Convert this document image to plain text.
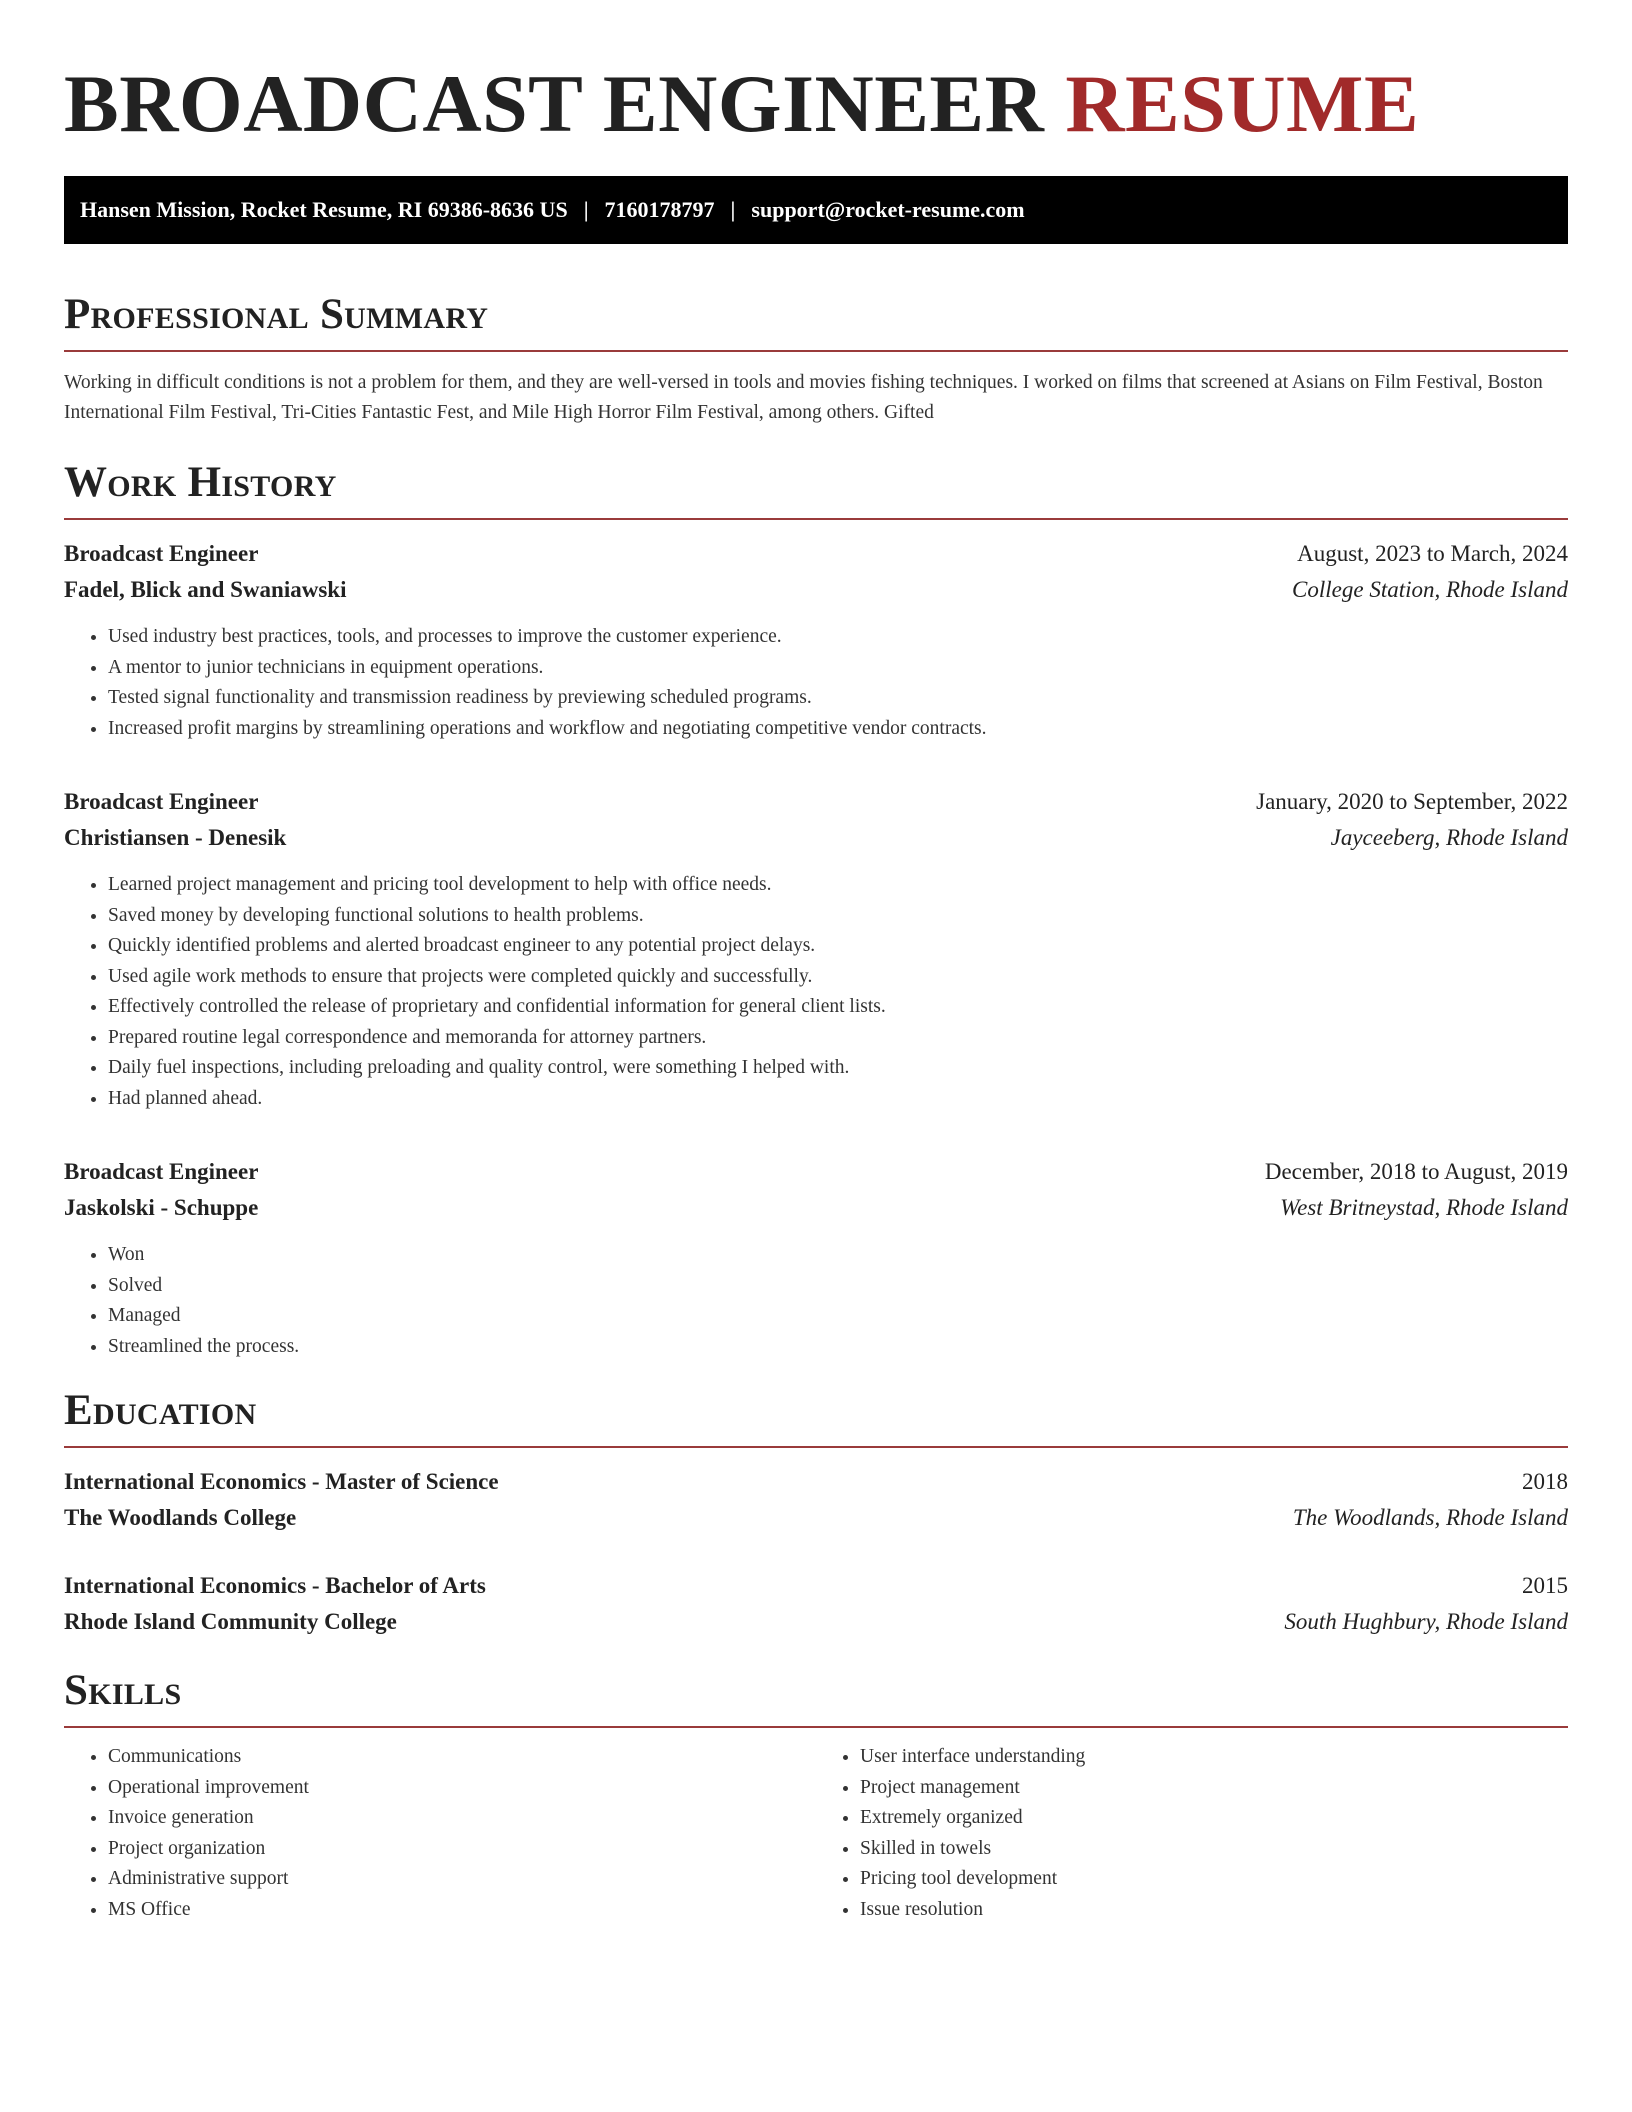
BROADCAST ENGINEER RESUME
Hansen Mission, Rocket Resume, RI 69386-8636 US | 7160178797 | support@rocket-resume.com
Professional Summary

Working in difficult conditions is not a problem for them, and they are well-versed in tools and movies fishing techniques. I worked on films that screened at Asians on Film Festival, Boston International Film Festival, Tri-Cities Fantastic Fest, and Mile High Horror Film Festival, among others. Gifted

Work History
Broadcast Engineer	August, 2023 to March, 2024
Fadel, Blick and Swaniawski	College Station, Rhode Island
• Used industry best practices, tools, and processes to improve the customer experience.
• A mentor to junior technicians in equipment operations.
• Tested signal functionality and transmission readiness by previewing scheduled programs.
• Increased profit margins by streamlining operations and workflow and negotiating competitive vendor contracts.
Broadcast Engineer	January, 2020 to September, 2022
Christiansen - Denesik	Jayceeberg, Rhode Island
• Learned project management and pricing tool development to help with office needs.
• Saved money by developing functional solutions to health problems.
• Quickly identified problems and alerted broadcast engineer to any potential project delays.
• Used agile work methods to ensure that projects were completed quickly and successfully.
• Effectively controlled the release of proprietary and confidential information for general client lists.
• Prepared routine legal correspondence and memoranda for attorney partners.
• Daily fuel inspections, including preloading and quality control, were something I helped with.
• Had planned ahead.
Broadcast Engineer	December, 2018 to August, 2019
Jaskolski - Schuppe	West Britneystad, Rhode Island
• Won
• Solved
• Managed
• Streamlined the process.
Education
International Economics - Master of Science	2018
The Woodlands College	The Woodlands, Rhode Island
International Economics - Bachelor of Arts	2015
Rhode Island Community College	South Hughbury, Rhode Island
Skills
• Communications
• Operational improvement
• Invoice generation
• Project organization
• Administrative support
• MS Office
• User interface understanding
• Project management
• Extremely organized
• Skilled in towels
• Pricing tool development
• Issue resolution
